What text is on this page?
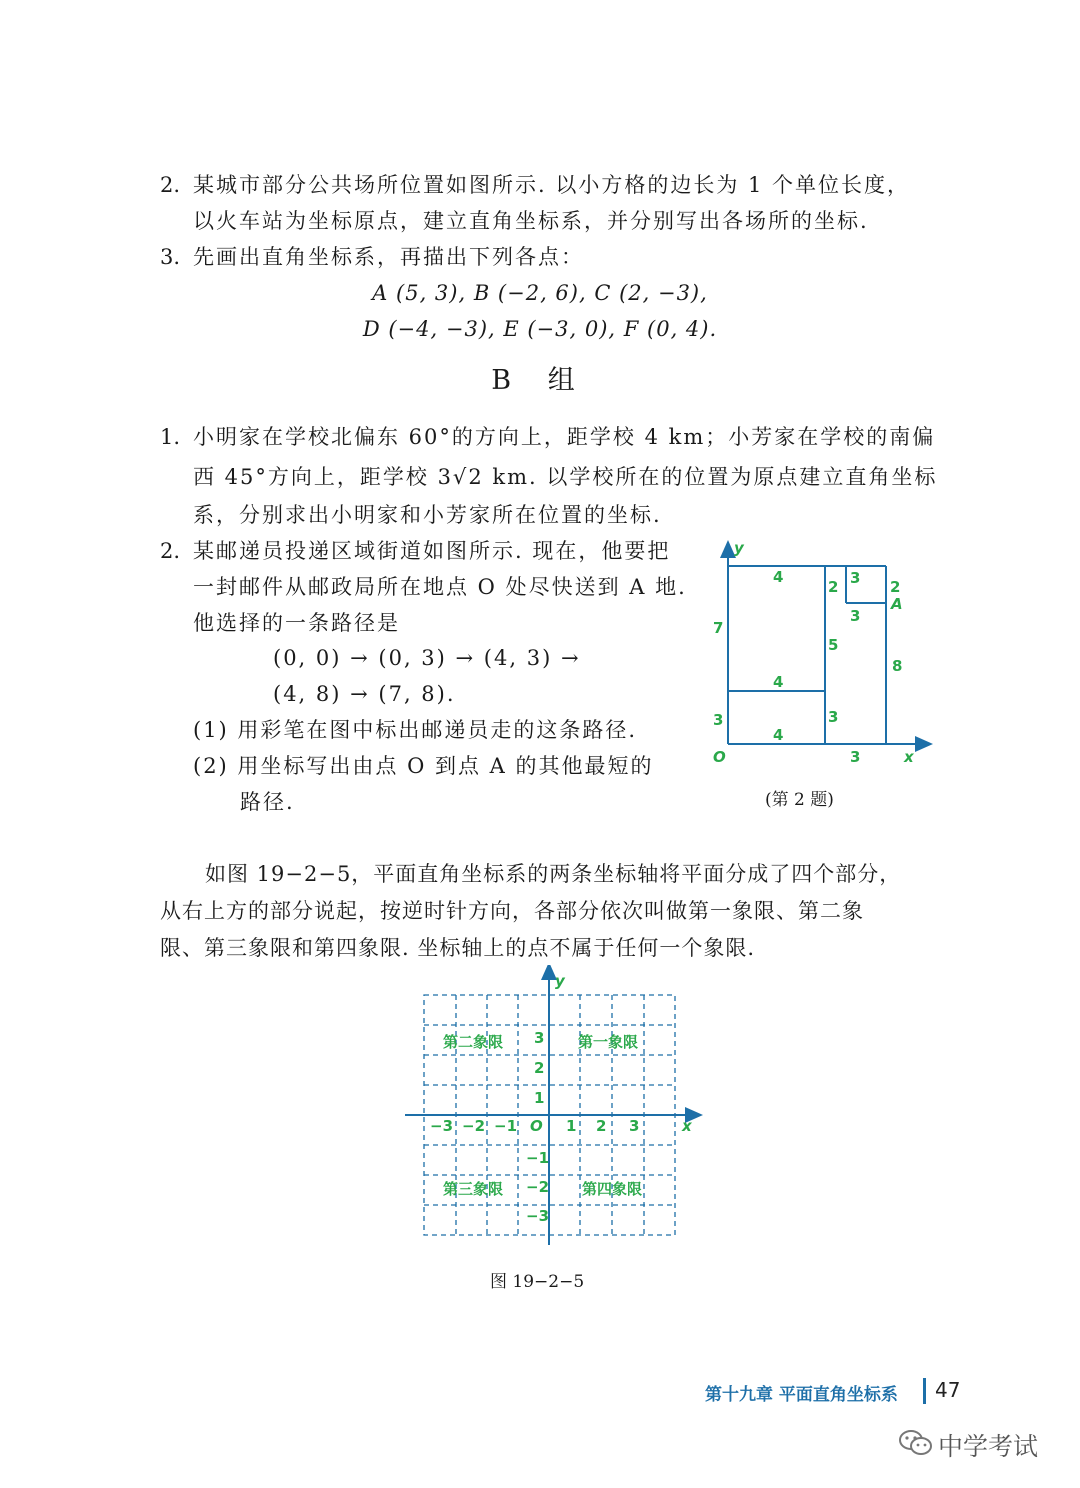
2. 某城市部分公共场所位置如图所示. 以小方格的边长为 1 个单位长度，
以火车站为坐标原点，建立直角坐标系，并分别写出各场所的坐标.
3. 先画出直角坐标系，再描出下列各点：
A (5, 3), B (−2, 6), C (2, −3),
D (−4, −3), E (−3, 0), F (0, 4).
B 组
1. 小明家在学校北偏东 60°的方向上，距学校 4 km；小芳家在学校的南偏
西 45°方向上，距学校 3√2 km. 以学校所在的位置为原点建立直角坐标
系，分别求出小明家和小芳家所在位置的坐标.
2. 某邮递员投递区域街道如图所示. 现在，他要把
一封邮件从邮政局所在地点 O 处尽快送到 A 地.
他选择的一条路径是
(0, 0) → (0, 3) → (4, 3) →
(4, 8) → (7, 8).
(1) 用彩笔在图中标出邮递员走的这条路径.
(2) 用坐标写出由点 O 到点 A 的其他最短的
路径.
4
2 3 2
3
7
5
8
4
3	3
4
3
O
y
x
A
(第 2 题)
如图 19−2−5，平面直角坐标系的两条坐标轴将平面分成了四个部分，
从右上方的部分说起，按逆时针方向，各部分依次叫做第一象限、第二象
限、第三象限和第四象限. 坐标轴上的点不属于任何一个象限.
第一象限
第二象限
第三象限	第四象限
−3 −2 −1	1 2 3
3
2
1
−1
−2
−3
O
y
x
图 19−2−5
第十九章 平面直角坐标系 47
中学考试
